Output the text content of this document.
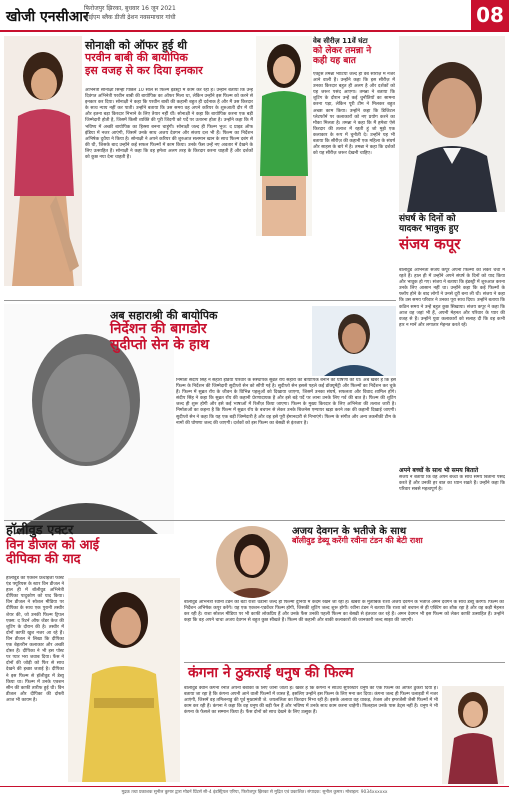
खोजी एनसीआर
फिरोजपुर झिरका, बुधवार 16 जून 2021
आईएम ब्लैक डीजी द्रेशन नवसमाचार गांधी	08
सोनाक्षी को ऑफर हुई थी
परवीन बाबी की बायोपिक
इस वजह से कर दिया इनकार
अभिनेत्री सोनाक्षी सिन्हा पिछले 10 साल से फिल्म इंडस्ट्री में काम कर रही हैं। उन्होंने बताया कि उन्हें दिवंगत अभिनेत्री परवीन बाबी की बायोपिक का ऑफर मिला था, लेकिन उन्होंने इस फिल्म को करने से इनकार कर दिया। सोनाक्षी ने कहा कि परवीन बाबी की कहानी बहुत ही दर्दनाक है और मैं उस किरदार के साथ न्याय नहीं कर पाती। उन्होंने बताया कि उस समय वह अपने करियर के शुरुआती दौर में थीं और इतना बड़ा किरदार निभाने के लिए तैयार नहीं थीं। सोनाक्षी ने कहा कि बायोपिक करना एक बड़ी जिम्मेदारी होती है, जिसमें किसी व्यक्ति की पूरी जिंदगी को पर्दे पर उतारना होता है। उन्होंने कहा कि मैं भविष्य में अच्छी बायोपिक का हिस्सा बनना चाहूंगी। सोनाक्षी जल्द ही फिल्म भुज: द प्राइड ऑफ इंडिया में नजर आएंगी, जिसमें उनके साथ अजय देवगन और संजय दत्त भी हैं। फिल्म का निर्देशन अभिषेक दुधैया ने किया है। सोनाक्षी ने अपने करियर की शुरुआत सलमान खान के साथ फिल्म दबंग से की थी, जिसके बाद उन्होंने कई सफल फिल्मों में काम किया। उनके फैंस उन्हें नए अवतार में देखने के लिए उत्साहित हैं। सोनाक्षी ने कहा कि वह हमेशा अलग तरह के किरदार करना चाहती हैं और दर्शकों को कुछ नया देना चाहती हैं।
वेब सीरीज़ 11वें घंटा
को लेकर तमन्ना ने
कही यह बात
एक्ट्रेस तमन्ना भाटिया जल्द ही वेब सीरीज़ में नजर आने वाली हैं। उन्होंने कहा कि इस सीरीज़ में उनका किरदार बहुत ही अलग है और दर्शकों को यह जरूर पसंद आएगा। तमन्ना ने बताया कि शूटिंग के दौरान उन्हें कई चुनौतियों का सामना करना पड़ा, लेकिन पूरी टीम ने मिलकर बहुत अच्छा काम किया। उन्होंने कहा कि डिजिटल प्लेटफॉर्म पर कलाकारों को नए प्रयोग करने का मौका मिलता है। तमन्ना ने कहा कि मैं हमेशा ऐसे किरदार की तलाश में रहती हूं जो मुझे एक कलाकार के रूप में चुनौती दे। उन्होंने यह भी बताया कि सीरीज़ की कहानी एक महिला के संघर्ष और साहस के बारे में है। तमन्ना ने कहा कि दर्शकों को यह सीरीज़ जरूर देखनी चाहिए।
संघर्ष के दिनों को
यादकर भावुक हुए
संजय कपूर
बॉलीवुड अभिनेता संजय कपूर अपनी फिल्मों को लेकर चर्चा में रहते हैं। हाल ही में उन्होंने अपने संघर्ष के दिनों को याद किया और भावुक हो गए। संजय ने बताया कि इंडस्ट्री में शुरुआत करना उनके लिए आसान नहीं था। उन्होंने कहा कि कई फिल्मों के फ्लॉप होने के बाद लोगों ने उनसे दूरी बना ली थी। संजय ने कहा कि उस समय परिवार ने उनका पूरा साथ दिया। उन्होंने बताया कि कठिन समय ने उन्हें बहुत कुछ सिखाया। संजय कपूर ने कहा कि आज वह जहां भी हैं, अपनी मेहनत और परिवार के प्यार की वजह से हैं। उन्होंने युवा कलाकारों को सलाह दी कि वह कभी हार न मानें और लगातार मेहनत करते रहें।
अपने बच्चों के साथ भी समय बिताते
संजय ने बताया कि वह अपने बच्चों के साथ समय बिताना पसंद करते हैं और उनकी हर बात का ध्यान रखते हैं। उन्होंने कहा कि परिवार सबसे महत्वपूर्ण है।
अब सहाराश्री की बायोपिक
निर्देशन की बागडोर
सुदीप्तो सेन के हाथ
निर्माता संदीप सिंह ने सहारा इंडिया परिवार के संस्थापक सुब्रत रॉय सहारा की बायोपिक बनाने की घोषणा की थी। अब खबर है कि इस फिल्म के निर्देशन की जिम्मेदारी सुदीप्तो सेन को सौंपी गई है। सुदीप्तो सेन इससे पहले कई डॉक्यूमेंट्री और फिल्मों का निर्देशन कर चुके हैं। फिल्म में सुब्रत रॉय के जीवन के विभिन्न पहलुओं को दिखाया जाएगा, जिसमें उनका संघर्ष, सफलता और विवाद शामिल होंगे। संदीप सिंह ने कहा कि सुब्रत रॉय की कहानी प्रेरणादायक है और इसे बड़े पर्दे पर लाना उनके लिए गर्व की बात है। फिल्म की शूटिंग जल्द ही शुरू होगी और इसे कई भाषाओं में रिलीज़ किया जाएगा। फिल्म के मुख्य किरदार के लिए अभिनेता की तलाश जारी है। निर्माताओं का कहना है कि फिल्म में सुब्रत रॉय के बचपन से लेकर उनके बिजनेस एम्पायर खड़ा करने तक की कहानी दिखाई जाएगी। सुदीप्तो सेन ने कहा कि यह एक बड़ी जिम्मेदारी है और वह इसे पूरी ईमानदारी से निभाएंगे। फिल्म के संगीत और अन्य तकनीकी टीम के नामों की घोषणा जल्द की जाएगी। दर्शकों को इस फिल्म का बेसब्री से इंतजार है।
हॉलीवुड एक्टर
विन डीजल को आई
दीपिका की याद
हॉलीवुड की एक्शन फ्रेंचाइजी फास्ट एंड फ्यूरियस के स्टार विन डीजल ने हाल ही में बॉलीवुड अभिनेत्री दीपिका पादुकोण को याद किया। विन डीजल ने सोशल मीडिया पर दीपिका के साथ एक पुरानी तस्वीर शेयर की, जो उनकी फिल्म ट्रिपल एक्स: द रिटर्न ऑफ जेंडर केज की शूटिंग के दौरान की है। तस्वीर में दोनों काफी खुश नजर आ रहे हैं। विन डीजल ने लिखा कि दीपिका एक बेहतरीन कलाकार और अच्छी दोस्त हैं। दीपिका ने भी इस पोस्ट पर प्यार भरा जवाब दिया। फैंस ने दोनों की जोड़ी को फिर से साथ देखने की इच्छा जताई है। दीपिका ने इस फिल्म से हॉलीवुड में डेब्यू किया था। फिल्म में उनके एक्शन सीन की काफी तारीफ हुई थी। विन डीजल और दीपिका की दोस्ती आज भी कायम है।
अजय देवगन के भतीजे के साथ
बॉलीवुड डेब्यू करेंगी रवीना टंडन की बेटी राशा
बॉलीवुड अभिनेत्री रवीना टंडन की बेटी राशा थडानी जल्द ही फिल्मी दुनिया में कदम रखने जा रही हैं। खबरों के मुताबिक राशा अजय देवगन के भतीजे अमन देवगन के साथ डेब्यू करेंगी। फिल्म का निर्देशन अभिषेक कपूर करेंगे। यह एक एक्शन-एडवेंचर फिल्म होगी, जिसकी शूटिंग जल्द शुरू होगी। रवीना टंडन ने बताया कि राशा को बचपन से ही एक्टिंग का शौक रहा है और वह कड़ी मेहनत कर रही है। राशा सोशल मीडिया पर भी काफी लोकप्रिय हैं और उनके फैंस उनकी पहली फिल्म का बेसब्री से इंतजार कर रहे हैं। अमन देवगन भी इस फिल्म को लेकर काफी उत्साहित हैं। उन्होंने कहा कि वह अपने चाचा अजय देवगन से बहुत कुछ सीखते हैं। फिल्म की कहानी और बाकी कलाकारों की जानकारी जल्द साझा की जाएगी।
कंगना ने ठुकराई धनुष की फिल्म
बॉलीवुड क्वीन कंगना रनौत अपनी बेबाकी के लिए जानी जाती हैं। खबर है कि कंगना ने साउथ सुपरस्टार धनुष की एक फिल्म का ऑफर ठुकरा दिया है। बताया जा रहा है कि कंगना अपनी आने वाली फिल्मों में व्यस्त हैं, इसलिए उन्होंने इस फिल्म के लिए मना कर दिया। कंगना जल्द ही फिल्म थलाइवी में नजर आएंगी, जिसमें वह तमिलनाडु की पूर्व मुख्यमंत्री जे. जयललिता का किरदार निभा रही हैं। इसके अलावा वह धाकड़, तेजस और इमरजेंसी जैसी फिल्मों में भी काम कर रही हैं। कंगना ने कहा कि वह धनुष की बड़ी फैन हैं और भविष्य में उनके साथ काम करना चाहेंगी। फिलहाल उनके पास डेट्स नहीं हैं। धनुष ने भी कंगना के फैसले का सम्मान किया है। फैंस दोनों को साथ देखने के लिए उत्सुक हैं।
मुद्रक तथा प्रकाशक सुनील कुमार द्वारा मोडर्न प्रिंटर्स सी-4 इंडस्ट्रियल एरिया, फिरोजपुर झिरका से मुद्रित एवं प्रकाशित। संपादक: सुनील कुमार। मोबाइल: 9034xxxxxx
